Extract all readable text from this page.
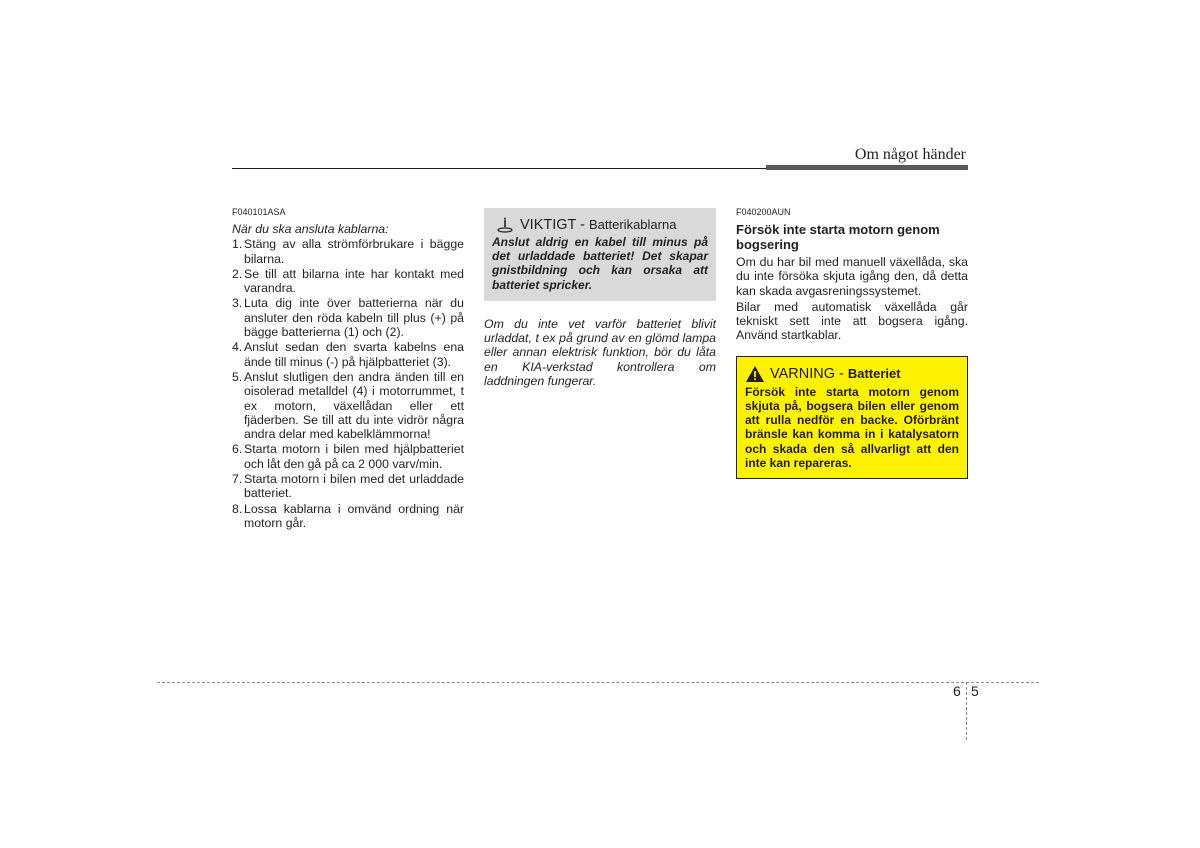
Om något händer
F040101ASA
När du ska ansluta kablarna:
1. Stäng av alla strömförbrukare i bägge bilarna.
2. Se till att bilarna inte har kontakt med varandra.
3. Luta dig inte över batterierna när du ansluter den röda kabeln till plus (+) på bägge batterierna (1) och (2).
4. Anslut sedan den svarta kabelns ena ände till minus (-) på hjälpbatteriet (3).
5. Anslut slutligen den andra änden till en oisolerad metalldel (4) i motorrummet, t ex motorn, växellådan eller ett fjäderben. Se till att du inte vidrör några andra delar med kabelklämmorna!
6. Starta motorn i bilen med hjälpbatteriet och låt den gå på ca 2 000 varv/min.
7. Starta motorn i bilen med det urladdade batteriet.
8. Lossa kablarna i omvänd ordning när motorn går.
VIKTIGT - Batterikablarna
Anslut aldrig en kabel till minus på det urladdade batteriet! Det skapar gnistbildning och kan orsaka att batteriet spricker.
Om du inte vet varför batteriet blivit urladdat, t ex på grund av en glömd lampa eller annan elektrisk funktion, bör du låta en KIA-verkstad kontrollera om laddningen fungerar.
F040200AUN
Försök inte starta motorn genom bogsering

Om du har bil med manuell växellåda, ska du inte försöka skjuta igång den, då detta kan skada avgasreningssystemet.

Bilar med automatisk växellåda går tekniskt sett inte att bogsera igång. Använd startkablar.

VARNING - Batteriet
Försök inte starta motorn genom skjuta på, bogsera bilen eller genom att rulla nedför en backe. Oförbränt bränsle kan komma in i katalysatorn och skada den så allvarligt att den inte kan repareras.
6 5
